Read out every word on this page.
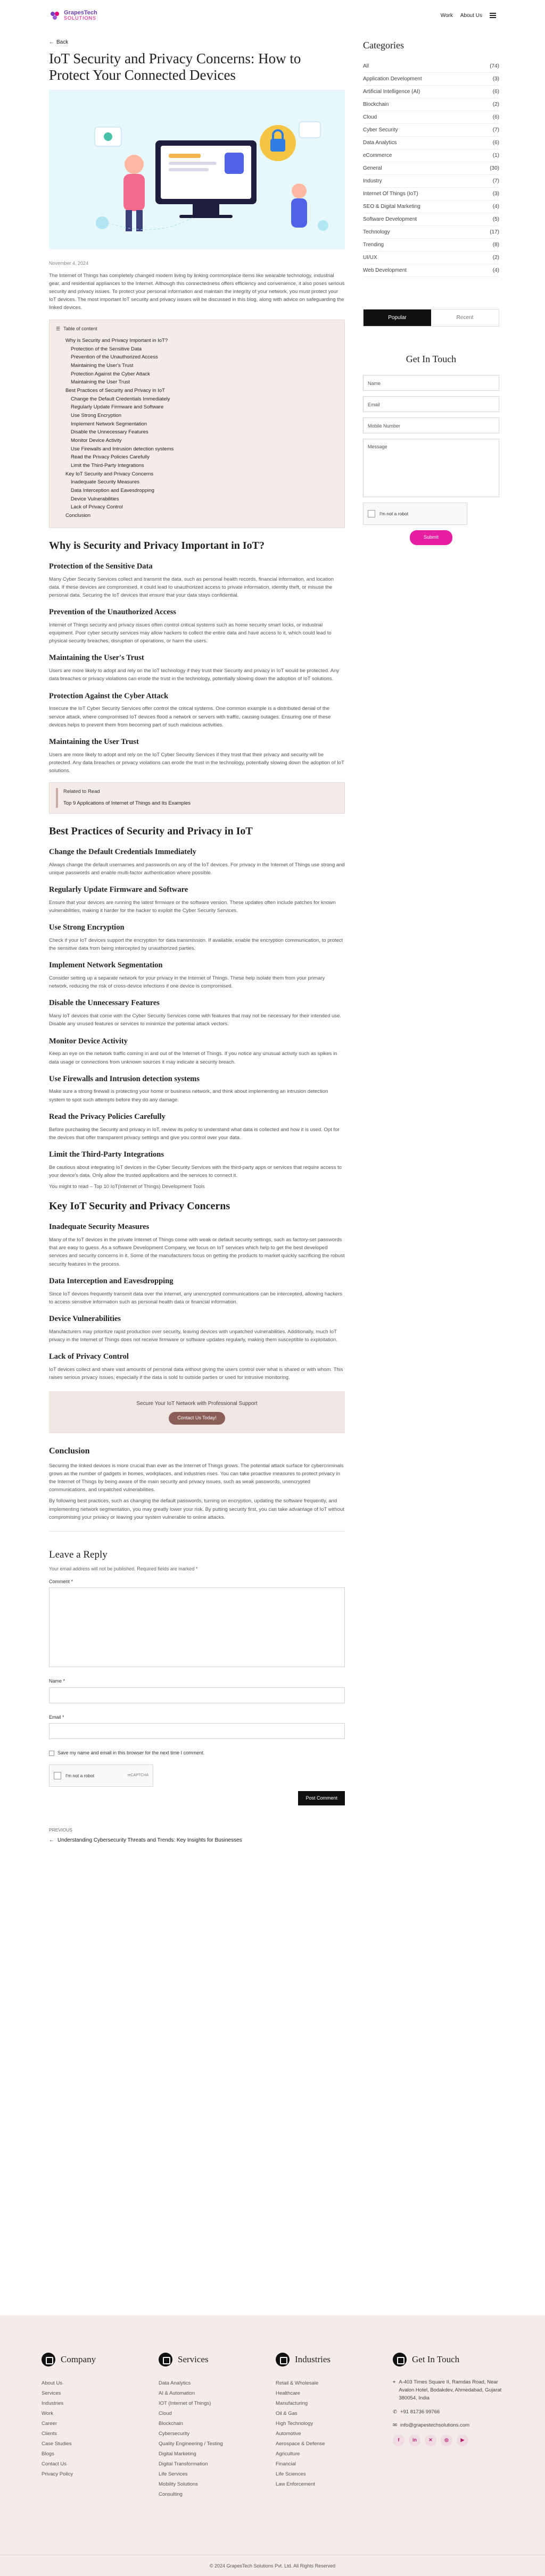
GrapesTech
SOLUTIONS	Work About Us
← Back
IoT Security and Privacy Concerns: How to Protect Your Connected Devices
November 4, 2024

The Internet of Things has completely changed modern living by linking commonplace items like wearable technology, industrial gear, and residential appliances to the Internet. Although this connectedness offers efficiency and convenience, it also poses serious security and privacy issues. To protect your personal information and maintain the integrity of your network, you must protect your IoT devices. The most important IoT security and privacy issues will be discussed in this blog, along with advice on safeguarding the linked devices.

☰ Table of content
Why is Security and Privacy Important in IoT?
Protection of the Sensitive Data
Prevention of the Unauthorized Access
Maintaining the User's Trust
Protection Against the Cyber Attack
Maintaining the User Trust
Best Practices of Security and Privacy in IoT
Change the Default Credentials Immediately
Regularly Update Firmware and Software
Use Strong Encryption
Implement Network Segmentation
Disable the Unnecessary Features
Monitor Device Activity
Use Firewalls and Intrusion detection systems
Read the Privacy Policies Carefully
Limit the Third-Party Integrations
Key IoT Security and Privacy Concerns
Inadequate Security Measures
Data Interception and Eavesdropping
Device Vulnerabilities
Lack of Privacy Control
Conclusion
Why is Security and Privacy Important in IoT?
Protection of the Sensitive Data

Many Cyber Security Services collect and transmit the data, such as personal health records, financial information, and location data. If these devices are compromised, it could lead to unauthorized access to private information, identity theft, or misuse the personal data. Securing the IoT devices that ensure that your data stays confidential.

Prevention of the Unauthorized Access

Internet of Things security and privacy issues often control critical systems such as home security smart locks, or industrial equipment. Poor cyber security services may allow hackers to collect the entire data and have access to it, which could lead to physical security breaches, disruption of operations, or harm the users.

Maintaining the User's Trust

Users are more likely to adopt and rely on the IoT technology if they trust their Security and privacy in IoT would be protected. Any data breaches or privacy violations can erode the trust in the technology, potentially slowing down the adoption of IoT solutions.

Protection Against the Cyber Attack

Insecure the IoT Cyber Security Services offer control the critical systems. One common example is a distributed denial of the service attack, where compromised IoT devices flood a network or servers with traffic, causing outages. Ensuring one of these devices helps to prevent them from becoming part of such malicious activities.

Maintaining the User Trust

Users are more likely to adopt and rely on the IoT Cyber Security Services if they trust that their privacy and security will be protected. Any data breaches or privacy violations can erode the trust in the technology, potentially slowing down the adoption of IoT solutions.

Related to Read
Top 9 Applications of Internet of Things and Its Examples
Best Practices of Security and Privacy in IoT
Change the Default Credentials Immediately

Always change the default usernames and passwords on any of the IoT devices. For privacy in the Internet of Things use strong and unique passwords and enable multi-factor authentication where possible.

Regularly Update Firmware and Software

Ensure that your devices are running the latest firmware or the software version. These updates often include patches for known vulnerabilities, making it harder for the hacker to exploit the Cyber Security Services.

Use Strong Encryption

Check if your IoT devices support the encryption for data transmission. If available, enable the encryption communication, to protect the sensitive data from being intercepted by unauthorized parties.

Implement Network Segmentation

Consider setting up a separate network for your privacy in the Internet of Things. These help isolate them from your primary network, reducing the risk of cross-device infections if one device is compromised.

Disable the Unnecessary Features

Many IoT devices that come with the Cyber Security Services come with features that may not be necessary for their intended use. Disable any unused features or services to minimize the potential attack vectors.

Monitor Device Activity

Keep an eye on the network traffic coming in and out of the Internet of Things. If you notice any unusual activity such as spikes in data usage or connections from unknown sources it may indicate a security breach.

Use Firewalls and Intrusion detection systems

Make sure a strong firewall is protecting your home or business network, and think about implementing an intrusion detection system to spot such attempts before they do any damage.

Read the Privacy Policies Carefully

Before purchasing the Security and privacy in IoT, review its policy to understand what data is collected and how it is used. Opt for the devices that offer transparent privacy settings and give you control over your data.

Limit the Third-Party Integrations

Be cautious about integrating IoT devices in the Cyber Security Services with the third-party apps or services that require access to your device's data. Only allow the trusted applications and the services to connect it.

You might to read – Top 10 IoT(Internet of Things) Development Tools

Key IoT Security and Privacy Concerns
Inadequate Security Measures

Many of the IoT devices in the private Internet of Things come with weak or default security settings, such as factory-set passwords that are easy to guess. As a software Development Company, we focus on IoT services which help to get the best developed services and security concerns in it. Some of the manufacturers focus on getting the products to market quickly sacrificing the robust security features in the process.

Data Interception and Eavesdropping

Since IoT devices frequently transmit data over the internet, any unencrypted communications can be intercepted, allowing hackers to access sensitive information such as personal health data or financial information.

Device Vulnerabilities

Manufacturers may prioritize rapid production over security, leaving devices with unpatched vulnerabilities. Additionally, much IoT privacy in the Internet of Things does not receive firmware or software updates regularly, making them susceptible to exploitation.

Lack of Privacy Control

IoT devices collect and share vast amounts of personal data without giving the users control over what is shared or with whom. This raises serious privacy issues, especially if the data is sold to outside parties or used for intrusive monitoring.

Secure Your IoT Network with Professional Support
Contact Us Today!
Conclusion

Securing the linked devices is more crucial than ever as the Internet of Things grows. The potential attack surface for cybercriminals grows as the number of gadgets in homes, workplaces, and industries rises. You can take proactive measures to protect privacy in the Internet of Things by being aware of the main security and privacy issues, such as weak passwords, unencrypted communications, and unpatched vulnerabilities.

By following best practices, such as changing the default passwords, turning on encryption, updating the software frequently, and implementing network segmentation, you may greatly lower your risk. By putting security first, you can take advantage of IoT without compromising your privacy or leaving your system vulnerable to online attacks.

Leave a Reply
Your email address will not be published. Required fields are marked *
Comment *
Name *
Email *
Save my name and email in this browser for the next time I comment.
I'm not a robot	reCAPTCHA
Post Comment
PREVIOUS
← Understanding Cybersecurity Threats and Trends: Key Insights for Businesses
Categories
All	(74)
Application Development	(3)
Artificial Intelligence (AI)	(6)
Blockchain	(2)
Cloud	(6)
Cyber Security	(7)
Data Analytics	(6)
eCommerce	(1)
General	(30)
Industry	(7)
Internet Of Things (IoT)	(3)
SEO & Digital Marketing	(4)
Software Development	(5)
Technology	(17)
Trending	(8)
UI/UX	(2)
Web Development	(4)
Popular	Recent
Get In Touch
Name
Email
Mobile Number
Message
I'm not a robot
Submit
Company
About Us
Services
Industries
Work
Career
Clients
Case Studies
Blogs
Contact Us
Privacy Policy
Services
Data Analytics
AI & Automation
IOT (Internet of Things)
Cloud
Blockchain
Cybersecurity
Quality Engineering / Testing
Digital Marketing
Digital Transformation
Life Services
Mobility Solutions
Consulting
Industries
Retail & Wholesale
Healthcare
Manufacturing
Oil & Gas
High Technology
Automotive
Aerospace & Defense
Agriculture
Financial
Life Sciences
Law Enforcement
Get In Touch
⌖ A-403 Times Square II, Ramdas Road, Near Avalon Hotel, Bodakdev, Ahmedabad, Gujarat 380054, India
✆ +91 81736 99766
✉ info@grapestechsolutions.com
f	in	✕	◎	▶
© 2024 GrapesTech Solutions Pvt. Ltd. All Rights Reserved
